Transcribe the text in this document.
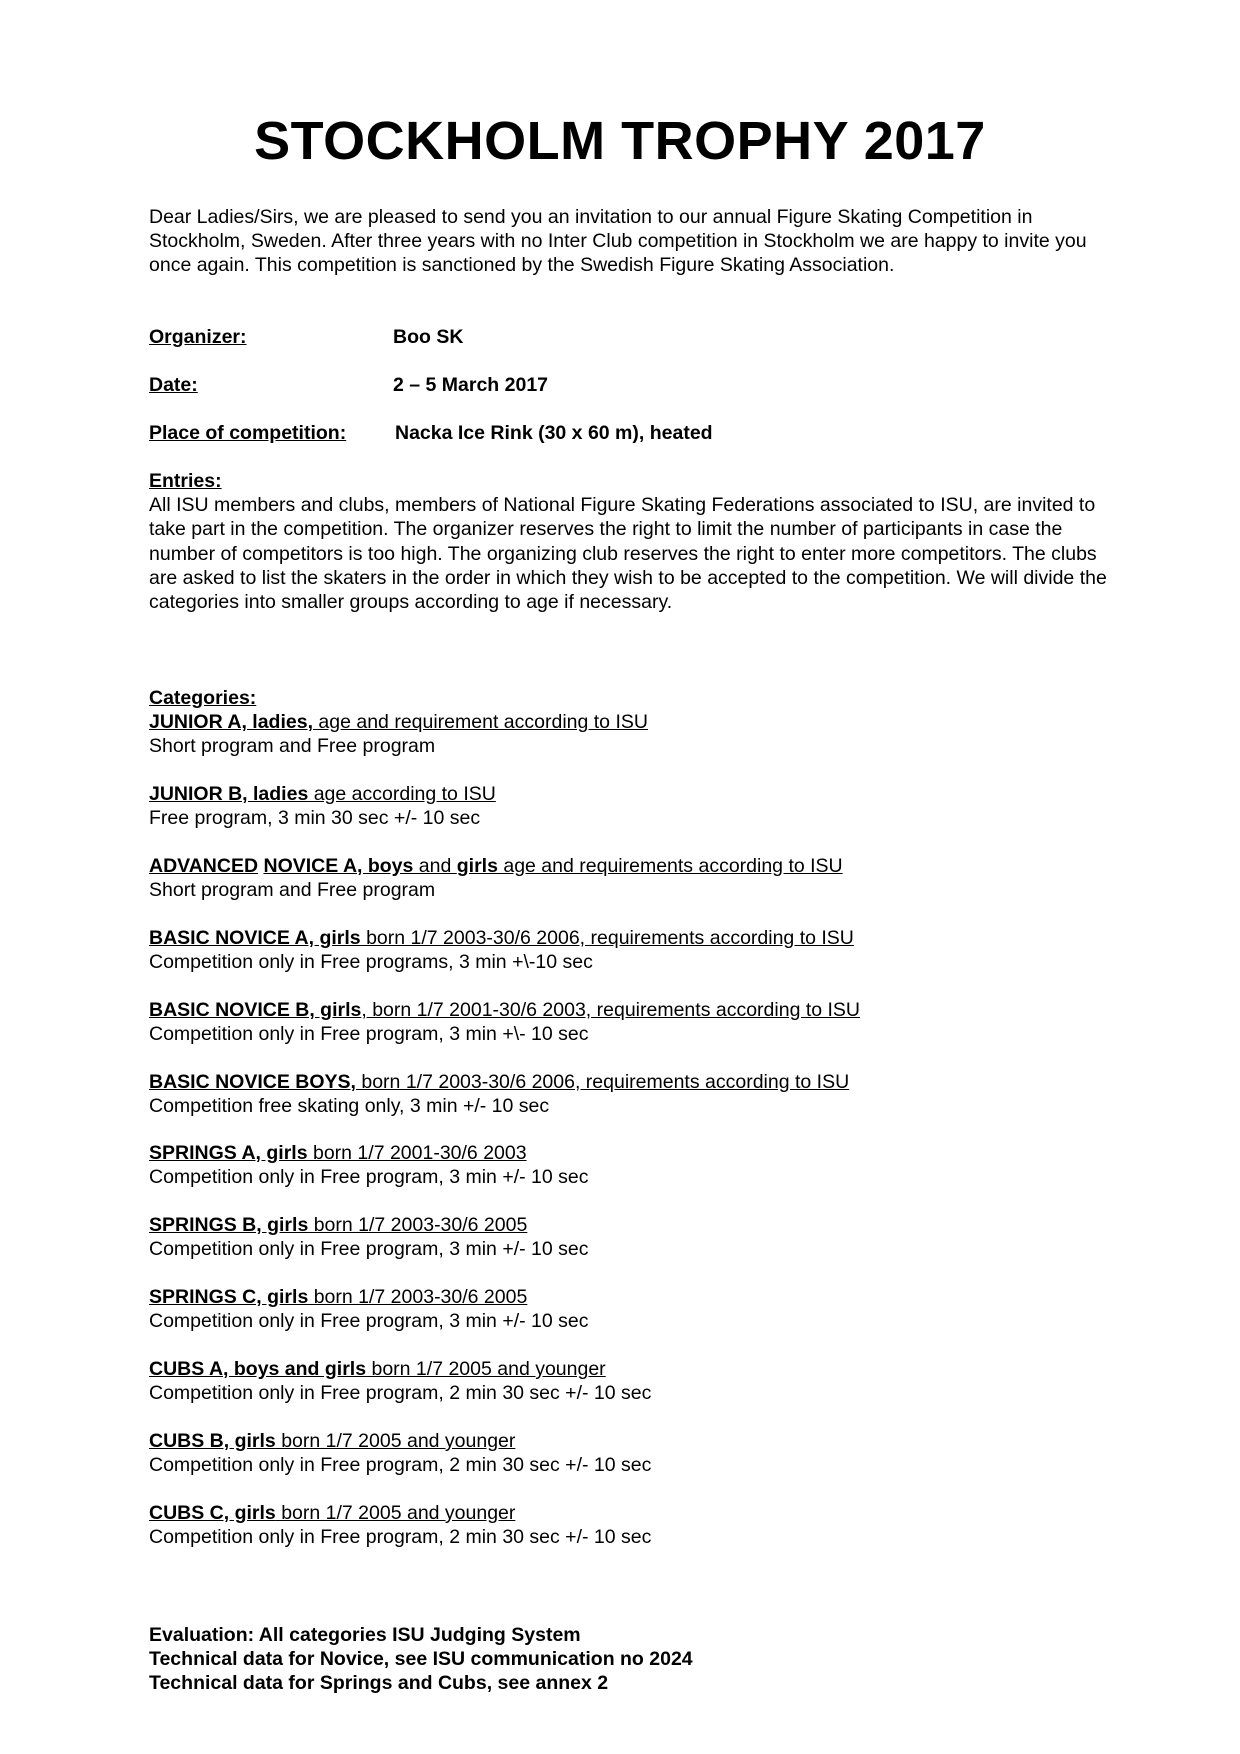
STOCKHOLM TROPHY 2017
Dear Ladies/Sirs, we are pleased to send you an invitation to our annual Figure Skating Competition in Stockholm, Sweden. After three years with no Inter Club competition in Stockholm we are happy to invite you once again. This competition is sanctioned by the Swedish Figure Skating Association.
Organizer:	Boo SK
Date:	2 – 5 March 2017
Place of competition:	Nacka Ice Rink (30 x 60 m), heated
Entries:
All ISU members and clubs, members of National Figure Skating Federations associated to ISU, are invited to take part in the competition. The organizer reserves the right to limit the number of participants in case the number of competitors is too high. The organizing club reserves the right to enter more competitors. The clubs are asked to list the skaters in the order in which they wish to be accepted to the competition. We will divide the categories into smaller groups according to age if necessary.
Categories:
JUNIOR A, ladies, age and requirement according to ISU
Short program and Free program
JUNIOR B, ladies age according to ISU
Free program, 3 min 30 sec +/- 10 sec
ADVANCED NOVICE A, boys and girls age and requirements according to ISU
Short program and Free program
BASIC NOVICE A, girls born 1/7 2003-30/6 2006, requirements according to ISU
Competition only in Free programs, 3 min +\-10 sec
BASIC NOVICE B, girls, born 1/7 2001-30/6 2003, requirements according to ISU
Competition only in Free program, 3 min +\- 10 sec
BASIC NOVICE BOYS, born 1/7 2003-30/6 2006, requirements according to ISU
Competition free skating only, 3 min +/- 10 sec
SPRINGS A, girls born 1/7 2001-30/6 2003
Competition only in Free program, 3 min +/- 10 sec
SPRINGS B, girls born 1/7 2003-30/6 2005
Competition only in Free program, 3 min +/- 10 sec
SPRINGS C, girls born 1/7 2003-30/6 2005
Competition only in Free program, 3 min +/- 10 sec
CUBS A, boys and girls born 1/7 2005 and younger
Competition only in Free program, 2 min 30 sec +/- 10 sec
CUBS B, girls born 1/7 2005 and younger
Competition only in Free program, 2 min 30 sec +/- 10 sec
CUBS C, girls born 1/7 2005 and younger
Competition only in Free program, 2 min 30 sec +/- 10 sec
Evaluation: All categories ISU Judging System
Technical data for Novice, see ISU communication no 2024
Technical data for Springs and Cubs, see annex 2
